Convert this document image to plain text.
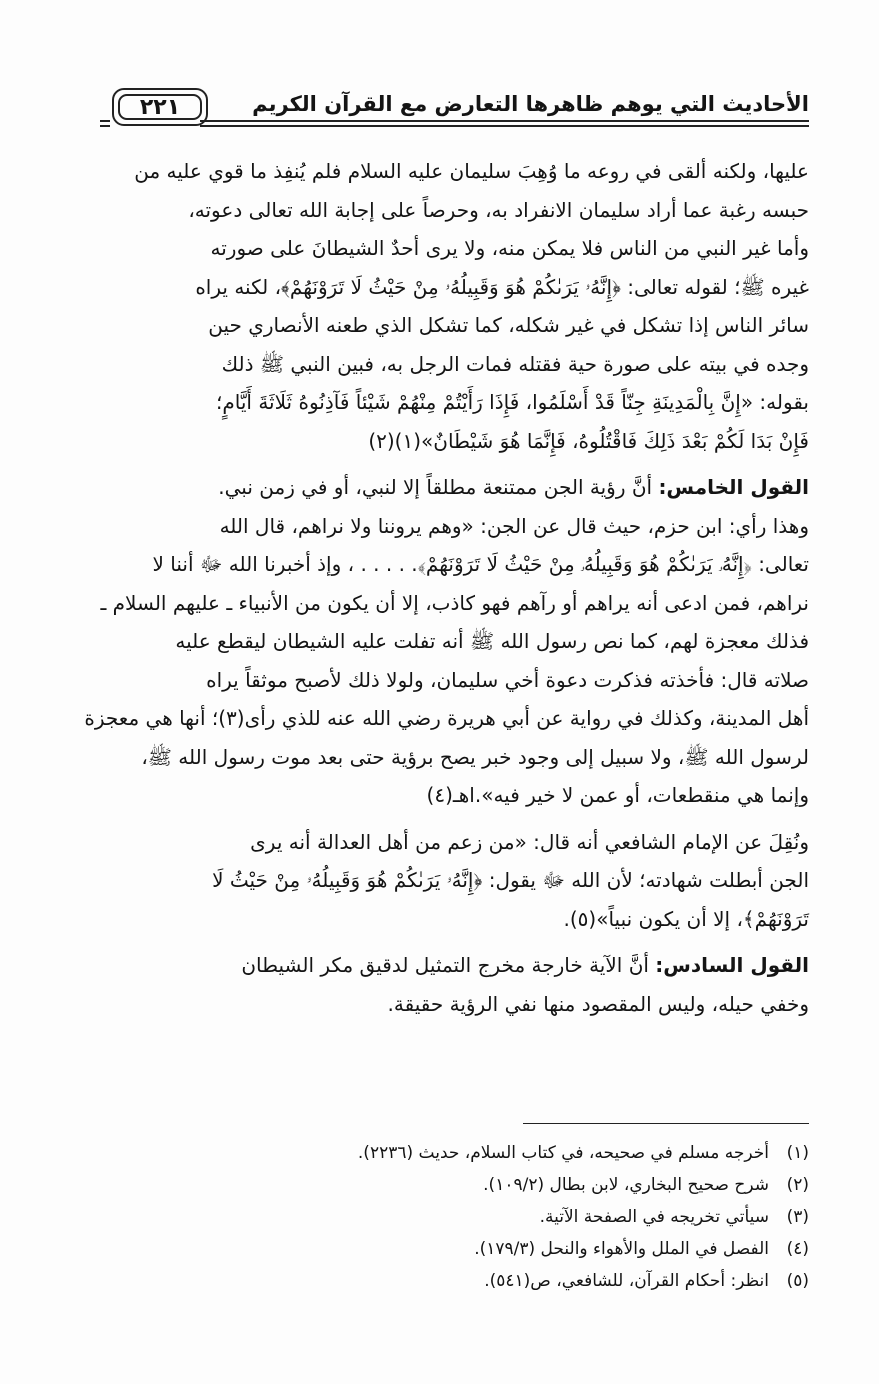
الأحاديث التي يوهم ظاهرها التعارض مع القرآن الكريم
٢٢١

عليها، ولكنه ألقى في روعه ما وُهِبَ سليمان عليه السلام فلم يُنفِذ ما قوي عليه من
حبسه رغبة عما أراد سليمان الانفراد به، وحرصاً على إجابة الله تعالى دعوته،
وأما غير النبي من الناس فلا يمكن منه، ولا يرى أحدٌ الشيطانَ على صورته
غيره ﷺ؛ لقوله تعالى: ﴿إِنَّهُۥ يَرَىٰكُمْ هُوَ وَقَبِيلُهُۥ مِنْ حَيْثُ لَا تَرَوْنَهُمْ﴾، لكنه يراه
سائر الناس إذا تشكل في غير شكله، كما تشكل الذي طعنه الأنصاري حين
وجده في بيته على صورة حية فقتله فمات الرجل به، فبين النبي ﷺ ذلك
بقوله: «إِنَّ بِالْمَدِينَةِ جِنّاً قَدْ أَسْلَمُوا، فَإِذَا رَأَيْتُمْ مِنْهُمْ شَيْئاً فَآذِنُوهُ ثَلَاثَةَ أَيَّامٍ؛
فَإِنْ بَدَا لَكُمْ بَعْدَ ذَلِكَ فَاقْتُلُوهُ، فَإِنَّمَا هُوَ شَيْطَانٌ»(١)(٢)

القول الخامس: أنَّ رؤية الجن ممتنعة مطلقاً إلا لنبي، أو في زمن نبي.

وهذا رأي: ابن حزم، حيث قال عن الجن: «وهم يروننا ولا نراهم، قال الله
تعالى: ﴿إِنَّهُۥ يَرَىٰكُمْ هُوَ وَقَبِيلُهُۥ مِنْ حَيْثُ لَا تَرَوْنَهُمْ﴾. . . . . ، وإذ أخبرنا الله ﷻ أننا لا
نراهم، فمن ادعى أنه يراهم أو رآهم فهو كاذب، إلا أن يكون من الأنبياء ـ عليهم السلام ـ
فذلك معجزة لهم، كما نص رسول الله ﷺ أنه تفلت عليه الشيطان ليقطع عليه
صلاته قال: فأخذته فذكرت دعوة أخي سليمان، ولولا ذلك لأصبح موثقاً يراه
أهل المدينة، وكذلك في رواية عن أبي هريرة رضي الله عنه للذي رأى(٣)؛ أنها هي معجزة
لرسول الله ﷺ، ولا سبيل إلى وجود خبر يصح برؤية حتى بعد موت رسول الله ﷺ،
وإنما هي منقطعات، أو عمن لا خير فيه».اهـ(٤)

ونُقِلَ عن الإمام الشافعي أنه قال: «من زعم من أهل العدالة أنه يرى
الجن أبطلت شهادته؛ لأن الله ﷻ يقول: ﴿إِنَّهُۥ يَرَىٰكُمْ هُوَ وَقَبِيلُهُۥ مِنْ حَيْثُ لَا
تَرَوْنَهُمْ﴾، إلا أن يكون نبياً»(٥).

القول السادس: أنَّ الآية خارجة مخرج التمثيل لدقيق مكر الشيطان
وخفي حيله، وليس المقصود منها نفي الرؤية حقيقة.

(١)أخرجه مسلم في صحيحه، في كتاب السلام، حديث (٢٢٣٦).
(٢)شرح صحيح البخاري، لابن بطال (١٠٩/٢).
(٣)سيأتي تخريجه في الصفحة الآتية.
(٤)الفصل في الملل والأهواء والنحل (١٧٩/٣).
(٥)انظر: أحكام القرآن، للشافعي، ص(٥٤١).
